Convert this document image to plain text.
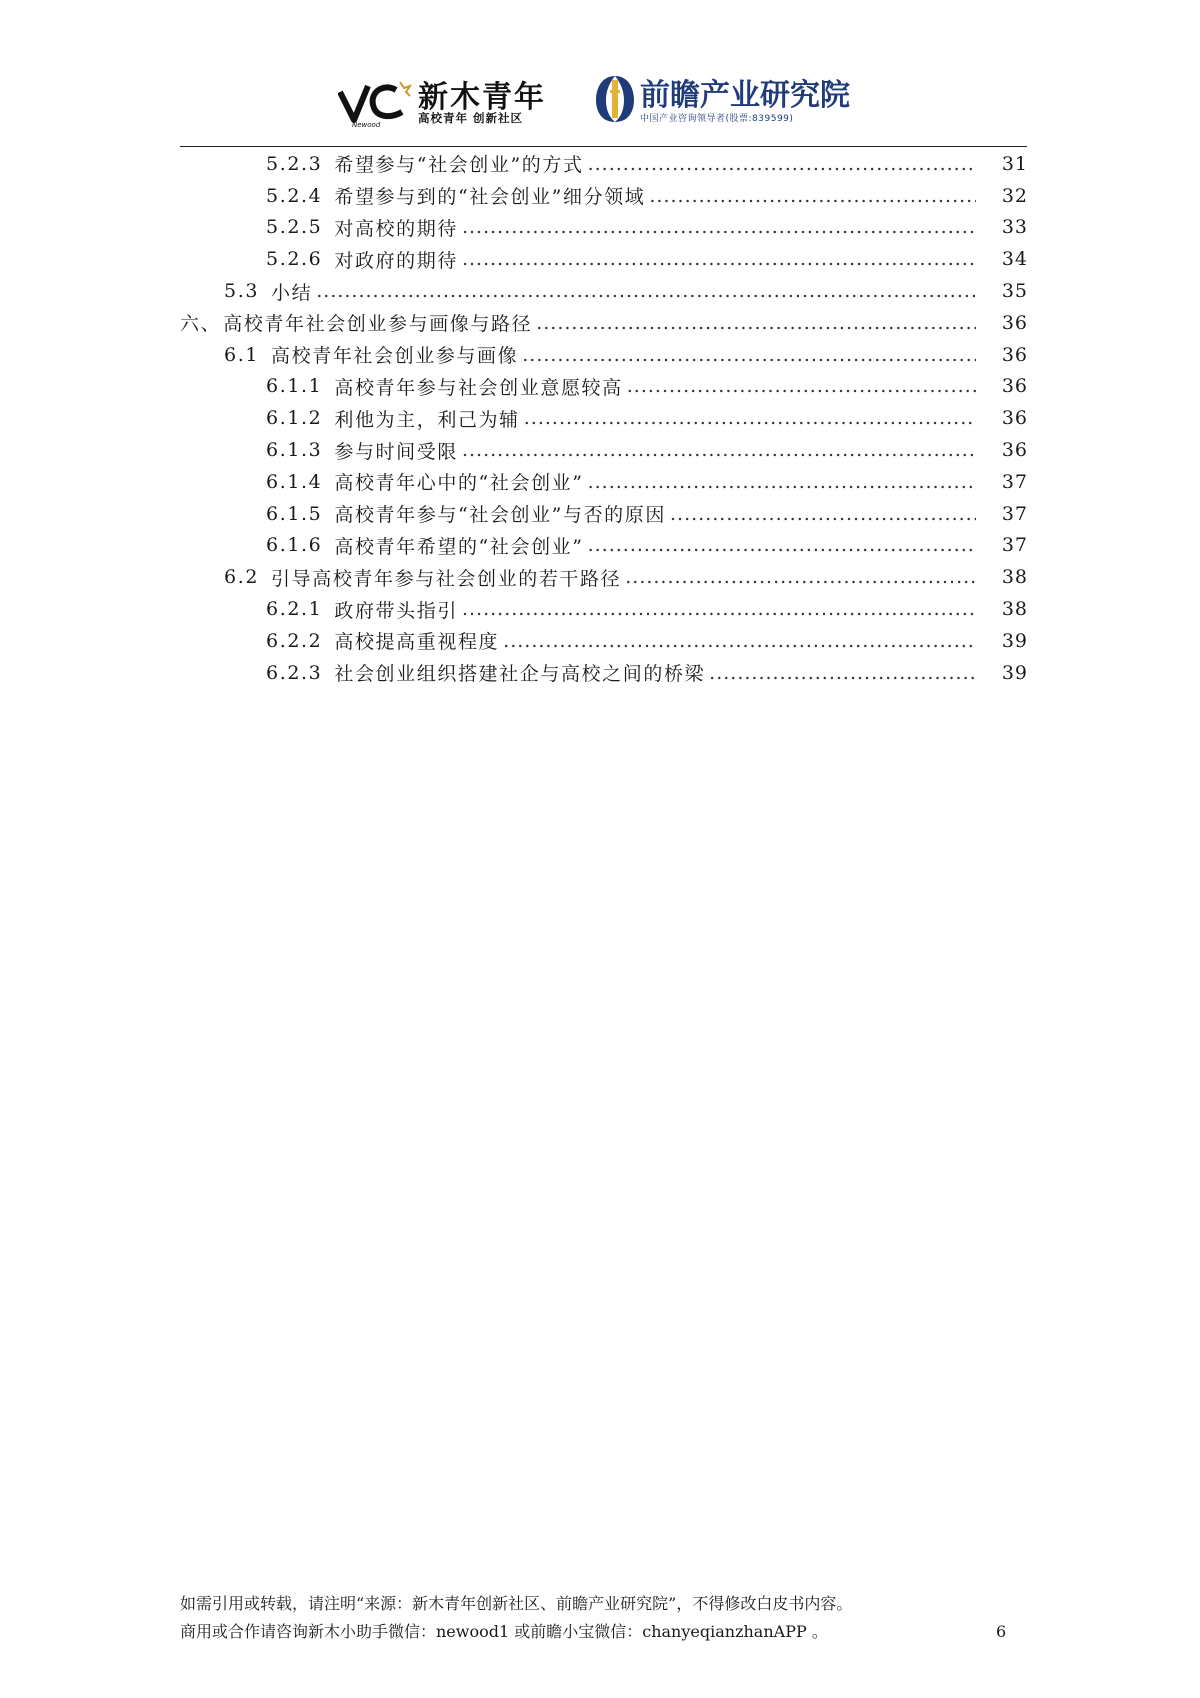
Newood
新木青年
高校青年 创新社区
前瞻产业研究院
中国产业咨询领导者(股票:839599)
5.2.3 希望参与“社会创业”的方式 .....	31
5.2.4 希望参与到的“社会创业”细分领域 .....	32
5.2.5 对高校的期待 .....	33
5.2.6 对政府的期待 .....	34
5.3 小结 .....	35
六、 高校青年社会创业参与画像与路径 .....	36
6.1 高校青年社会创业参与画像 .....	36
6.1.1 高校青年参与社会创业意愿较高 .....	36
6.1.2 利他为主，利己为辅 .....	36
6.1.3 参与时间受限 .....	36
6.1.4 高校青年心中的“社会创业” .....	37
6.1.5 高校青年参与“社会创业”与否的原因 .....	37
6.1.6 高校青年希望的“社会创业” .....	37
6.2 引导高校青年参与社会创业的若干路径 .....	38
6.2.1 政府带头指引 .....	38
6.2.2 高校提高重视程度 .....	39
6.2.3 社会创业组织搭建社企与高校之间的桥梁 .....	39
如需引用或转载，请注明“来源：新木青年创新社区、前瞻产业研究院”，不得修改白皮书内容。
商用或合作请咨询新木小助手微信：newood1 或前瞻小宝微信：chanyeqianzhanAPP 。	6
